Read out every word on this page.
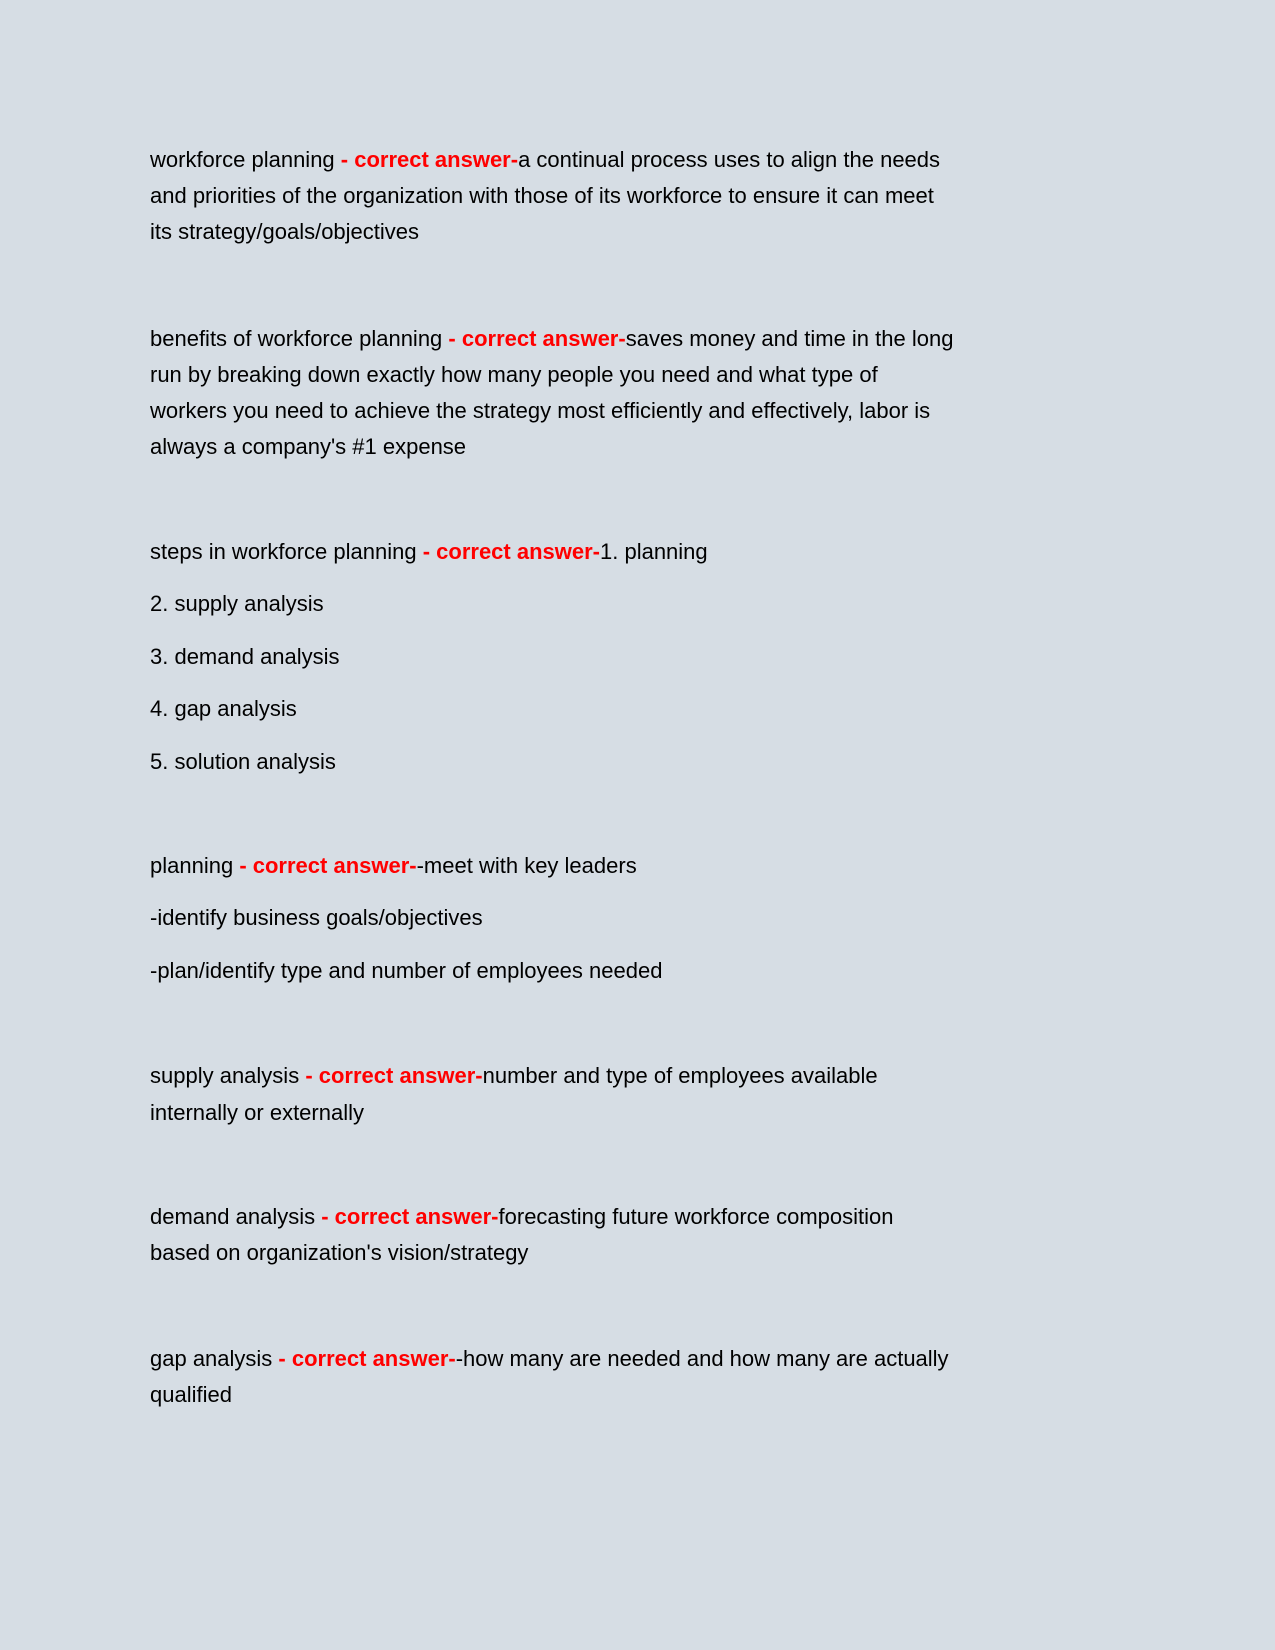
workforce planning - correct answer-a continual process uses to align the needs
and priorities of the organization with those of its workforce to ensure it can meet
its strategy/goals/objectives
benefits of workforce planning - correct answer-saves money and time in the long
run by breaking down exactly how many people you need and what type of
workers you need to achieve the strategy most efficiently and effectively, labor is
always a company's #1 expense
steps in workforce planning - correct answer-1. planning
2. supply analysis
3. demand analysis
4. gap analysis
5. solution analysis
planning - correct answer--meet with key leaders
-identify business goals/objectives
-plan/identify type and number of employees needed
supply analysis - correct answer-number and type of employees available
internally or externally
demand analysis - correct answer-forecasting future workforce composition
based on organization's vision/strategy
gap analysis - correct answer--how many are needed and how many are actually
qualified
